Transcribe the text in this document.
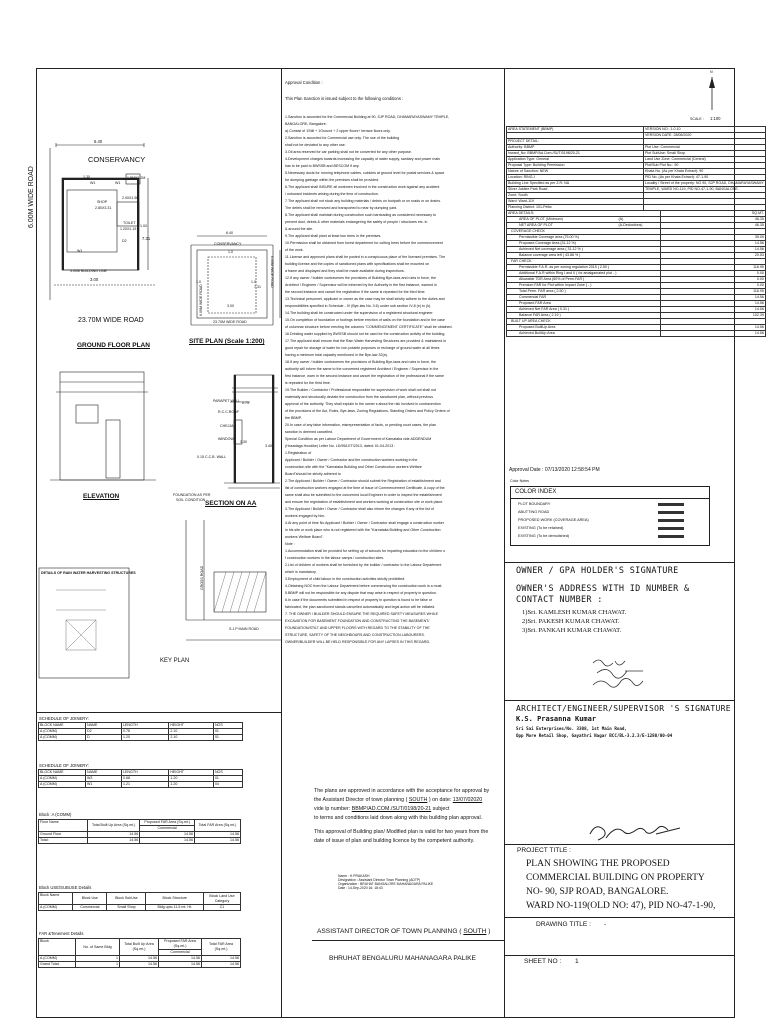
6.00M WIDE ROAD
CONSERVANCY
6.40
1.30
W1	W1
1.5MX1.2M
SHOP
2.80X3.31
2.00X1.50
TOILET
1.20X1.15
1.00
D2
W1
7.31
3.00M BUILDING LINE
3.00
23.70M WIDE ROAD
GROUND FLOOR PLAN
6.40
CONSERVANCY
1.0
1.0	1.0
7.31
3.00
6.00M WIDE ROAD
6.00M WIDE ROAD
23.70M WIDE ROAD
SITE PLAN (Scale 1:200)
PARAPET WALL
R.C.C.ROOF
CHEJJA
WINDOW
0.15 C.C.B. WALL
0.75
3.30
3.45
FOUNDATION AS PER
SOIL CONDITION
ELEVATION
SECTION ON AA
DETAILS OF RAIN WATER HARVESTING STRUCTURES	CROSS ROAD
S.J.P MAIN ROAD
KEY PLAN
SCHEDULE OF JOINERY:
BLOCK NAME	NAME	LENGTH	HEIGHT	NOS
A (COMM)	D2	0.76	2.10	01
A (COMM)	D	1.20	2.10	01
SCHEDULE OF JOINERY:
BLOCK NAME	NAME	LENGTH	HEIGHT	NOS
A (COMM)	W3	0.68	1.20	01
A (COMM)	W1	1.21	1.20	04
Block :A (COMM)
Floor Name	Total Built Up Area (Sq.mt.)	Proposed FAR Area (Sq.mt.)	Total FAR Area (Sq.mt.)
		Commercial	
Ground Floor	14.56	14.56	14.56
Total:	14.56	14.56	14.56
Block USE/SUBUSE Details
Block Name	Block Use	Block SubUse	Block Structure	Block Land Use Category
A (COMM)	Commercial	Small Shop	Bldg upto 11.5 mt. Ht.	C1
FAR &Tenement Details
Block	No. of Same Bldg	Total Built Up Area (Sq.mt.)	Proposed FAR Area (Sq.mt.)	Total FAR Area (Sq.mt.)
			Commercial	
A (COMM)	1	14.56	14.56	14.56
Grand Total:	1	14.56	14.56	14.56
Approval Condition :
This Plan Sanction is issued subject to the following conditions :
1.Sanction is accorded for the Commercial Building at 90, SJP ROAD, DHAMARAYASWAMY TEMPLE,
BANGALORE, Bangalore.
a).Consist of 1Stilt + 1Ground + 2 upper floors+ terrace floors only.
2.Sanction is accorded for Commercial use only. The use of the building
shall not be deviated to any other use.
3.Oil area reserved for car parking shall not be converted for any other purpose.
4.Development charges towards increasing the capacity of water supply, sanitary and power main
has to be paid to BWSSB and BESCOM if any.
5.Necessary ducts for running telephone cables, cubicles at ground level for postal services & space
for dumping garbage within the premises shall be provided.
6.The applicant shall INSURE all workmen involved in the construction work against any accident
/ untoward incidents arising during the time of construction.
7.The applicant shall not stock any building materials / debris on footpath or on roads or on drains.
The debris shall be removed and transported to near by dumping yard.
8.The applicant shall maintain during construction such barricading as considered necessary to
prevent dust, debris & other materials endangering the safety of people / structures etc. in
& around the site.
9.The applicant shall plant at least two trees in the premises.
10.Permission shall be obtained from forest department for cutting trees before the commencement
of the work.
11.License and approved plans shall be posted in a conspicuous place of the licensed premises. The
building license and the copies of sanctioned plans with specifications shall be mounted on
a frame and displayed and they shall be made available during inspections.
12.If any owner / builder contravenes the provisions of Building Bye-laws and rules in force, the
Architect / Engineer / Supervisor will be informed by the Authority in the first instance, warned in
the second instance and cancel the registration if the same is repeated for the third time.
13.Technical personnel, applicant or owner as the case may be shall strictly adhere to the duties and
responsibilities specified in Schedule - IV (Bye-law No. 3.6) under sub section IV-8 (e) to (k).
14.The building shall be constructed under the supervision of a registered structural engineer.
15.On completion of foundation or footings before erection of walls on the foundation and in the case
of columnar structure before erecting the columns "COMMENCEMENT CERTIFICATE" shall be obtained.
16.Drinking water supplied by BWSSB should not be used for the construction activity of the building.
17.The applicant shall ensure that the Rain Water Harvesting Structures are provided & maintained in
good repair for storage of water for non potable purposes or recharge of ground water at all times
having a minimum total capacity mentioned in the Bye-law 32(a).
18.If any owner / builder contravenes the provisions of Building Bye-laws and rules in force, the
authority will inform the same to the concerned registered Architect / Engineer / Supervisor in the
first instance, warn in the second instance and cancel the registration of the professional if the same
is repeated for the third time.
19.The Builder / Contractor / Professional responsible for supervision of work shall not shall not
materially and structurally deviate the construction from the sanctioned plan, without previous
approval of the authority. They shall explain to the owner s about the risk involved in contravention
of the provisions of the Act, Rules, Bye-laws, Zoning Regulations, Standing Orders and Policy Orders of
the BBMP.
20.In case of any false information, misrepresentation of facts, or pending court cases, the plan
sanction is deemed cancelled.
Special Condition as per Labour Department of Government of Karnataka vide ADDENDUM
(Hosadaga Hoodike) Letter No. LD/95/LET/2013, dated: 01-04-2013 :
1.Registration of
Applicant / Builder / Owner / Contractor and the construction workers working in the
construction site with the "Karnataka Building and Other Construction workers Welfare
Board"should be strictly adhered to
2.The Applicant / Builder / Owner / Contractor should submit the Registration of establishment and
list of construction workers engaged at the time of issue of Commencement Certificate. A copy of the
same shall also be submitted to the concerned local Engineer in order to inspect the establishment
and ensure the registration of establishment and workers working at construction site or work place.
3.The Applicant / Builder / Owner / Contractor shall also inform the changes if any of the list of
workers engaged by him.
4.At any point of time No Applicant / Builder / Owner / Contractor shall engage a construction worker
in his site or work place who is not registered with the "Karnataka Building and Other Construction
workers Welfare Board".
Note :
1.Accommodation shall be provided for setting up of schools for imparting education to the children o
f construction workers in the labour camps / construction sites.
2.List of children of workers shall be furnished by the builder / contractor to the Labour Department
which is mandatory.
3.Employment of child labour in the construction activities strictly prohibited.
4.Obtaining NOC from the Labour Department before commencing the construction work is a must.
5.BBMP will not be responsible for any dispute that may arise in respect of property in question.
6.In case if the documents submitted in respect of property in question is found to be false or
fabricated, the plan sanctioned stands cancelled automatically and legal action will be initiated.
7. THE OWNER / BUILDER SHOULD ENSURE THE REQUIRED SAFETY MEASURES WHILE
EXCAVATION FOR BASEMENT FOUNDATION AND CONSTRUCTING THE BASEMENT/
FOUNDATION/STILT AND UPPER FLOORS WITH REGARD TO THE STABILITY OF THE
STRUCTURE, SAFETY OF THE NEIGHBOURS AND CONSTRUCTION LABOURERS.
OWNER/BUILDER WILL BE HELD RESPONSIBLE FOR ANY LAPSES IN THIS REGARD.
The plans are approved in accordance with the acceptance for approval by
the Assistant Director of town planning ( SOUTH ) on date: 13/07/02020
vide lp number: BBMP/AD.COM./SUT/0198/20-21 subject
to terms and conditions laid down along with this building plan approval.
This approval of Building plan/ Modified plan is valid for two years from the
date of issue of plan and building licence by the competent authority.
Name : H PRAKASH
Designation : Assistant Director Town Planning (ADTP)
Organization : BRUHAT BANGALORE MAHANAGARA PALIKE
Date : 14-Sep-2020 16: 18:43
ASSISTANT DIRECTOR OF TOWN PLANNING ( SOUTH )
BHRUHAT BENGALURU MAHANAGARA PALIKE
N
SCALE : 1:100
AREA STATEMENT (BBMP)		VERSION NO.: 1.0.10	
		VERSION DATE: 28/08/2020	
PROJECT DETAIL:			
Authority: BBMP		Plot Use: Commercial	
Inward_No: BBMP/Ad.Com./SUT/0198/20-21		Plot SubUse: Small Shop	
Application Type: General		Land Use Zone: Commercial (Central)	
Proposal Type: Building Permission		Plot/Sub Plot No.: 90	
Nature of Sanction: NEW		Khata No. (As per Khata Extract): 90	
Location: RING-I		PID No. (As per Khata Extract): 47-1-90	
Building Line Specified as per Z.R: NA		Locality / Street of the property: NO 90, SJP ROAD, DHAMARAYASWAMY	
Silver Jubilee Park Road		TEMPLE, WARD NO-119, PID NO-47-1-90, BANGALORE.	
Zone: South			
Ward: Ward-119			
Planning District: 101-Petta			
AREA DETAILS:			SQ.MT.
AREA OF PLOT (Minimum)	(A)		46.35
NET AREA OF PLOT	(A-Deductions)		46.35
COVERAGE CHECK			
Permissible Coverage area (75.00 %)			35.09
Proposed Coverage Area (31.12 %)			14.56
Achieved Net coverage area ( 31.12 % )			14.56
Balance coverage area left ( 43.88 % )			20.53
FAR CHECK			
Permissible F.A.R. as per zoning regulation 2015 ( 2.50 )			116.95
Additional F.A.R within Ring I and II ( for amalgamated plot - )			0.00
Allowable TDR Area (60% of Perm.FAR )			0.00
Premium FAR for Plot within Impact Zone ( - )			0.00
Total Perm. FAR area ( 2.50 )			116.95
Commercial FAR			14.56
Proposed FAR Area			14.56
Achieved Net FAR Area ( 0.31 )			14.56
Balance FAR Area ( 2.19 )			102.39
BUILT UP AREA CHECK			
Proposed BuiltUp Area			14.56
Achieved BuiltUp Area			14.56
Approval Date : 07/13/2020 12:58:54 PM
Color Notes
COLOR INDEX
PLOT BOUNDARY
ABUTTING ROAD
PROPOSED WORK (COVERAGE AREA)
EXISTING (To be retained)
EXISTING (To be demolished)
OWNER / GPA HOLDER'S SIGNATURE
OWNER'S ADDRESS WITH ID NUMBER &
CONTACT NUMBER :
1)Sri. KAMLESH KUMAR CHAWAT.
2)Sri. PAKESH KUMAR CHAWAT.
3)Sri. PANKAH KUMAR CHAWAT.
ARCHITECT/ENGINEER/SUPERVISOR 'S SIGNATURE
K.S. Prasanna Kumar
Sri Sai Enterprises/No. 3308, 1st Main Road,
Opp More Retail Shop, Gayathri Nagar BCC/BL-3.2.3/E-1280/00-04
PROJECT TITLE :
PLAN SHOWING THE PROPOSED
COMMERCIAL BUILDING ON PROPERTY
NO- 90, SJP ROAD, BANGALORE.
WARD NO-119(OLD NO: 47), PID NO-47-1-90,
DRAWING TITLE : -
SHEET NO : 1
